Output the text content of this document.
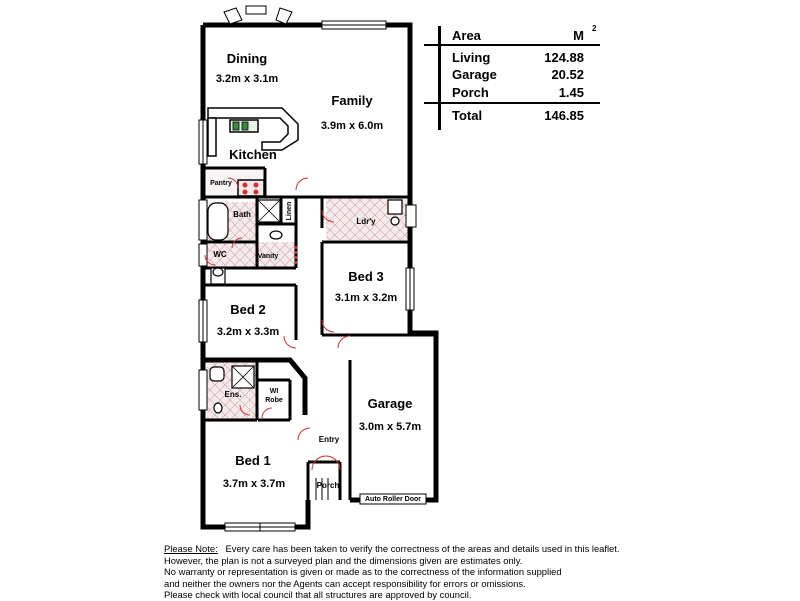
Dining
3.2m x 3.1m
Family
3.9m x 6.0m
Kitchen
Pantry
Bath	Linen
Ldr'y
WC	Vanity
Bed 3
3.1m x 3.2m
Bed 2
3.2m x 3.3m
Ens.	WI
Robe	Garage
3.0m x 5.7m
Entry
Bed 1
3.7m x 3.7m	Porch
Auto Roller Door
Area	M 2
Living	124.88
Garage	20.52
Porch	1.45
Total	146.85
Please Note: Every care has been taken to verify the correctness of the areas and details used in this leaflet.
However, the plan is not a surveyed plan and the dimensions given are estimates only.
No warranty or representation is given or made as to the correctness of the information supplied
and neither the owners nor the Agents can accept responsibility for errors or omissions.
Please check with local council that all structures are approved by council.
